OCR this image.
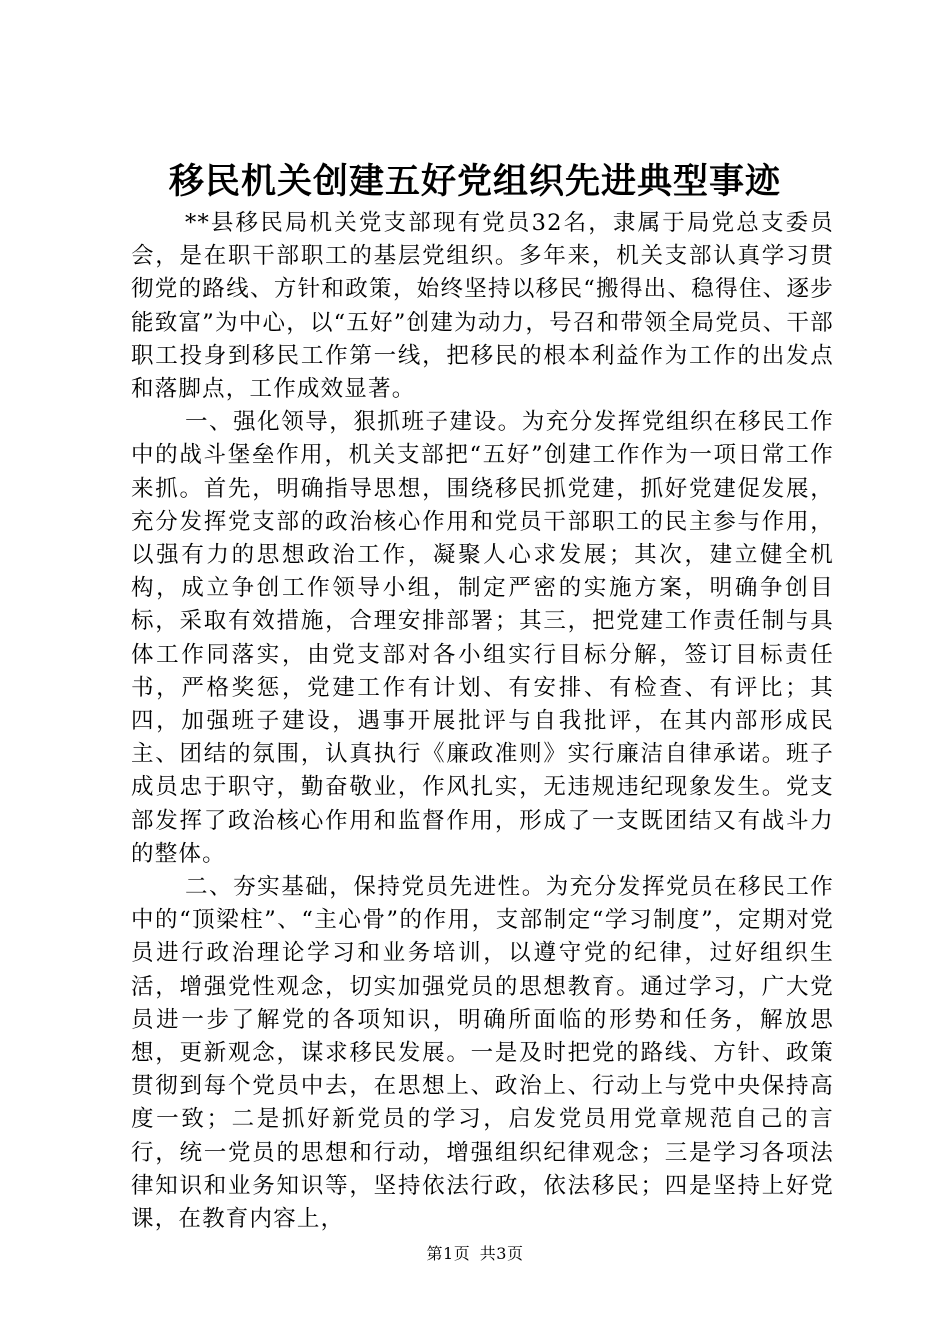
移民机关创建五好党组织先进典型事迹

**县移民局机关党支部现有党员32名，隶属于局党总支委员会，是在职干部职工的基层党组织。多年来，机关支部认真学习贯彻党的路线、方针和政策，始终坚持以移民“搬得出、稳得住、逐步能致富”为中心，以“五好”创建为动力，号召和带领全局党员、干部职工投身到移民工作第一线，把移民的根本利益作为工作的出发点和落脚点，工作成效显著。

一、强化领导，狠抓班子建设。为充分发挥党组织在移民工作中的战斗堡垒作用，机关支部把“五好”创建工作作为一项日常工作来抓。首先，明确指导思想，围绕移民抓党建，抓好党建促发展，充分发挥党支部的政治核心作用和党员干部职工的民主参与作用，以强有力的思想政治工作，凝聚人心求发展；其次，建立健全机构，成立争创工作领导小组，制定严密的实施方案，明确争创目标，采取有效措施，合理安排部署；其三，把党建工作责任制与具体工作同落实，由党支部对各小组实行目标分解，签订目标责任书，严格奖惩，党建工作有计划、有安排、有检查、有评比；其四，加强班子建设，遇事开展批评与自我批评，在其内部形成民主、团结的氛围，认真执行《廉政准则》实行廉洁自律承诺。班子成员忠于职守，勤奋敬业，作风扎实，无违规违纪现象发生。党支部发挥了政治核心作用和监督作用，形成了一支既团结又有战斗力的整体。

二、夯实基础，保持党员先进性。为充分发挥党员在移民工作中的“顶梁柱”、“主心骨”的作用，支部制定“学习制度”，定期对党员进行政治理论学习和业务培训，以遵守党的纪律，过好组织生活，增强党性观念，切实加强党员的思想教育。通过学习，广大党员进一步了解党的各项知识，明确所面临的形势和任务，解放思想，更新观念，谋求移民发展。一是及时把党的路线、方针、政策贯彻到每个党员中去，在思想上、政治上、行动上与党中央保持高度一致；二是抓好新党员的学习，启发党员用党章规范自己的言行，统一党员的思想和行动，增强组织纪律观念；三是学习各项法律知识和业务知识等，坚持依法行政，依法移民；四是坚持上好党课，在教育内容上，

第1页 共3页
